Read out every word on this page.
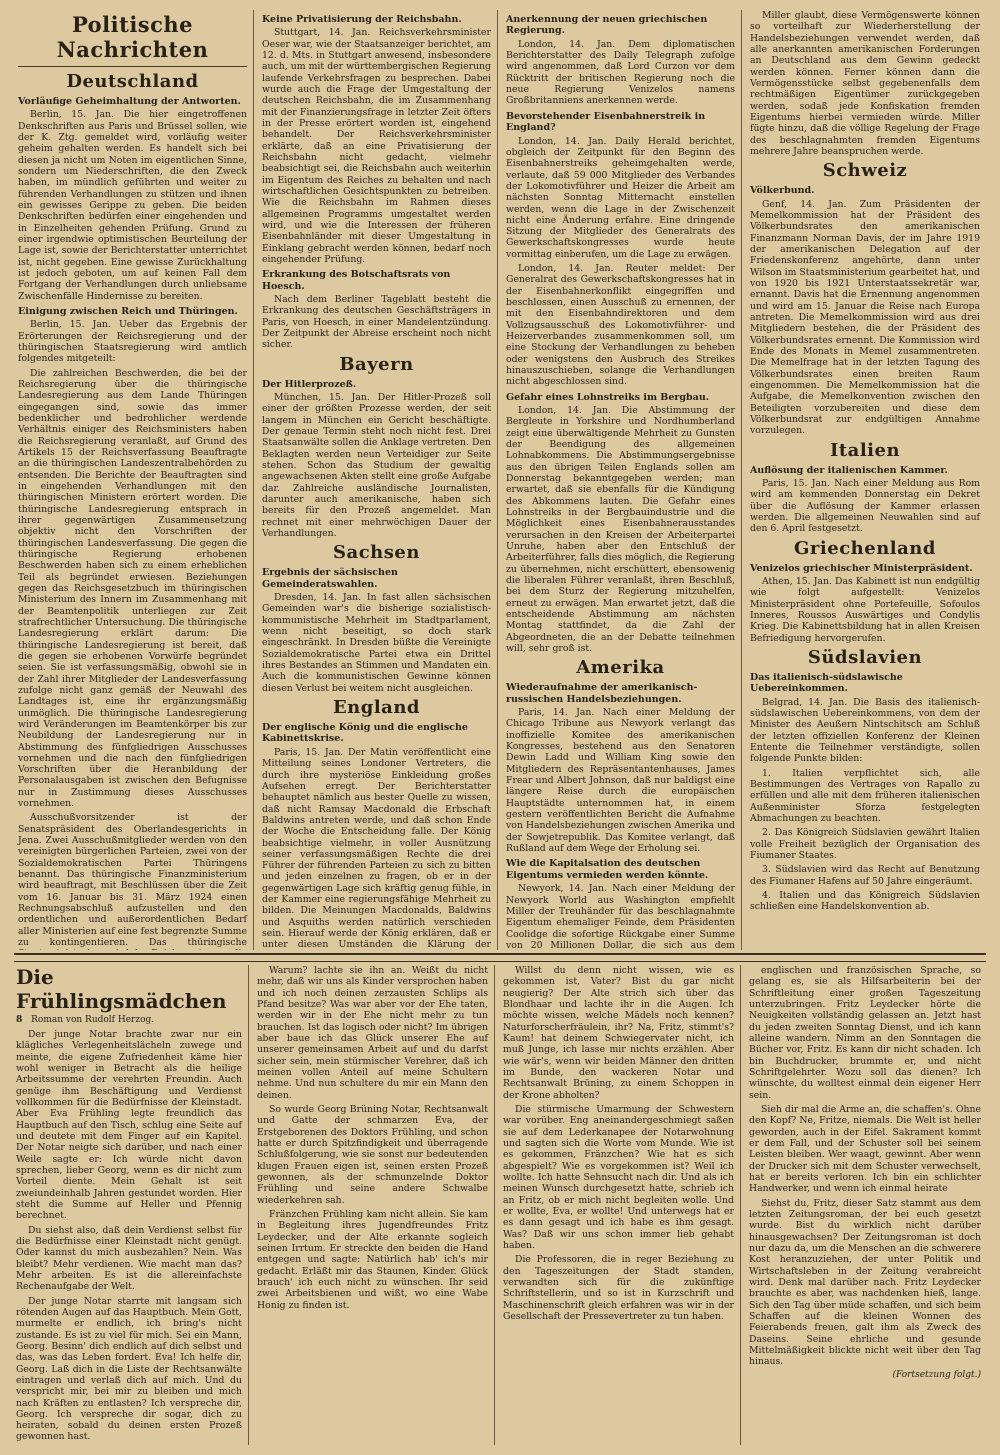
Politische Nachrichten
Deutschland
Vorläufige Geheimhaltung der Antworten.

Berlin, 15. Jan. Die hier eingetroffenen Denkschriften aus Paris und Brüssel sollen, wie der K. Ztg. gemeldet wird, vorläufig weiter geheim gehalten werden. Es handelt sich bei diesen ja nicht um Noten im eigentlichen Sinne, sondern um Niederschriften, die den Zweck haben, im mündlich geführten und weiter zu führenden Verhandlungen zu stützen und ihnen ein gewisses Gerippe zu geben. Die beiden Denkschriften bedürfen einer eingehenden und in Einzelheiten gehenden Prüfung. Grund zu einer irgendwie optimistischen Beurteilung der Lage ist, sowie der Berichterstatter unterrichtet ist, nicht gegeben. Eine gewisse Zurückhaltung ist jedoch geboten, um auf keinen Fall dem Fortgang der Verhandlungen durch unliebsame Zwischenfälle Hindernisse zu bereiten.

Einigung zwischen Reich und Thüringen.

Berlin, 15. Jan. Ueber das Ergebnis der Erörterungen der Reichsregierung und der thüringischen Staatsregierung wird amtlich folgendes mitgeteilt:

Die zahlreichen Beschwerden, die bei der Reichsregierung über die thüringische Landesregierung aus dem Lande Thüringen eingegangen sind, sowie das immer bedenklicher und bedrohlicher werdende Verhältnis einiger des Reichsministers haben die Reichsregierung veranlaßt, auf Grund des Artikels 15 der Reichsverfassung Beauftragte an die thüringischen Landeszentralbehörden zu entsenden. Die Berichte der Beauftragten sind in eingehenden Verhandlungen mit den thüringischen Ministern erörtert worden. Die thüringische Landesregierung entsprach in ihrer gegenwärtigen Zusammensetzung objektiv nicht den Vorschriften der thüringischen Landesverfassung. Die gegen die thüringische Regierung erhobenen Beschwerden haben sich zu einem erheblichen Teil als begründet erwiesen. Beziehungen gegen das Reichsgesetzbuch im thüringischen Ministerium des Innern im Zusammenhang mit der Beamtenpolitik unterliegen zur Zeit strafrechtlicher Untersuchung. Die thüringische Landesregierung erklärt darum: Die thüringische Landesregierung ist bereit, daß die gegen sie erhobenen Vorwürfe begründet seien. Sie ist verfassungsmäßig, obwohl sie in der Zahl ihrer Mitglieder der Landesverfassung zufolge nicht ganz gemäß der Neuwahl des Landtages ist, eine ihr ergänzungsmäßig unmöglich. Die thüringische Landesregierung wird Veränderungen im Beamtenkörper bis zur Neubildung der Landesregierung nur in Abstimmung des fünfgliedrigen Ausschusses vornehmen und die nach den fünfgliedrigen Vorschriften über die Heranbildung der Personalausgaben ist zwischen den Befugnisse nur in Zustimmung dieses Ausschusses vornehmen.

Ausschußvorsitzender ist der Senatspräsident des Oberlandesgerichts in Jena. Zwei Ausschußmitglieder werden von den vereinigten bürgerlichen Parteien, zwei von der Sozialdemokratischen Partei Thüringens benannt. Das thüringische Finanzministerium wird beauftragt, mit Beschlüssen über die Zeit vom 16. Januar bis 31. März 1924 einen Rechnungsabschluß aufzustellen und den ordentlichen und außerordentlichen Bedarf aller Ministerien auf eine fest begrenzte Summe zu kontingentieren. Das thüringische

Keine Privatisierung der Reichsbahn.

Stuttgart, 14. Jan. Reichsverkehrsminister Oeser war, wie der Staatsanzeiger berichtet, am 12. d. Mts. in Stuttgart anwesend, insbesondere auch, um mit der württembergischen Regierung laufende Verkehrsfragen zu besprechen. Dabei wurde auch die Frage der Umgestaltung der deutschen Reichsbahn, die im Zusammenhang mit der Finanzierungsfrage in letzter Zeit öfters in der Presse erörtert worden ist, eingehend behandelt. Der Reichsverkehrsminister erklärte, daß an eine Privatisierung der Reichsbahn nicht gedacht, vielmehr beabsichtigt sei, die Reichsbahn auch weiterhin im Eigentum des Reiches zu behalten und nach wirtschaftlichen Gesichtspunkten zu betreiben. Wie die Reichsbahn im Rahmen dieses allgemeinen Programms umgestaltet werden wird, und wie die Interessen der früheren Eisenbahnländer mit dieser Umgestaltung in Einklang gebracht werden können, bedarf noch eingehender Prüfung.

Erkrankung des Botschaftsrats von Hoesch.

Nach dem Berliner Tageblatt besteht die Erkrankung des deutschen Geschäftsträgers in Paris, von Hoesch, in einer Mandelentzündung. Der Zeitpunkt der Abreise erscheint noch nicht sicher.

Bayern
Der Hitlerprozeß.

München, 15. Jan. Der Hitler-Prozeß soll einer der größten Prozesse werden, der seit langem in München ein Gericht beschäftigte. Der genaue Termin steht noch nicht fest. Drei Staatsanwälte sollen die Anklage vertreten. Den Beklagten werden neun Verteidiger zur Seite stehen. Schon das Studium der gewaltig angewachsenen Akten stellt eine große Aufgabe dar. Zahlreiche ausländische Journalisten, darunter auch amerikanische, haben sich bereits für den Prozeß angemeldet. Man rechnet mit einer mehrwöchigen Dauer der Verhandlungen.

Sachsen
Ergebnis der sächsischen Gemeinderatswahlen.

Dresden, 14. Jan. In fast allen sächsischen Gemeinden war's die bisherige sozialistisch-kommunistische Mehrheit im Stadtparlament, wenn nicht beseitigt, so doch stark eingeschränkt. In Dresden büßte die Vereinigte Sozialdemokratische Partei etwa ein Drittel ihres Bestandes an Stimmen und Mandaten ein. Auch die kommunistischen Gewinne können diesen Verlust bei weitem nicht ausgleichen.

England
Der englische König und die englische Kabinettskrise.

Paris, 15. Jan. Der Matin veröffentlicht eine Mitteilung seines Londoner Vertreters, die durch ihre mysteriöse Einkleidung großes Aufsehen erregt. Der Berichterstatter behauptet nämlich aus bester Quelle zu wissen, daß nicht Ramsay Macdonald die Erbschaft Baldwins antreten werde, und daß schon Ende der Woche die Entscheidung falle. Der König beabsichtige vielmehr, in voller Ausnützung seiner verfassungsmäßigen Rechte die drei Führer der führenden Parteien zu sich zu bitten und jeden einzelnen zu fragen, ob er in der gegenwärtigen Lage sich kräftig genug fühle, in der Kammer eine regierungsfähige Mehrheit zu bilden. Die Meinungen Macdonalds, Baldwins und Asquiths werden natürlich verschieden sein. Hierauf werde der König erklären, daß er unter diesen Umständen die Klärung der

Anerkennung der neuen griechischen Regierung.

London, 14. Jan. Dem diplomatischen Berichterstatter des Daily Telegraph zufolge wird angenommen, daß Lord Curzon vor dem Rücktritt der britischen Regierung noch die neue Regierung Venizelos namens Großbritanniens anerkennen werde.

Bevorstehender Eisenbahnerstreik in England?

London, 14. Jan. Daily Herald berichtet, obgleich der Zeitpunkt für den Beginn des Eisenbahnerstreiks geheimgehalten werde, verlaute, daß 59 000 Mitglieder des Verbandes der Lokomotivführer und Heizer die Arbeit am nächsten Sonntag Mitternacht einstellen werden, wenn die Lage in der Zwischenzeit nicht eine Änderung erfahre. Eine dringende Sitzung der Mitglieder des Generalrats des Gewerkschaftskongresses wurde heute vormittag einberufen, um die Lage zu erwägen.

London, 14. Jan. Reuter meldet: Der Generalrat des Gewerkschaftskongresses hat in der Eisenbahnerkonflikt eingegriffen und beschlossen, einen Ausschuß zu ernennen, der mit den Eisenbahndirektoren und dem Vollzugsausschuß des Lokomotivführer- und Heizerverbandes zusammenkommen soll, um eine Stockung der Verhandlungen zu beheben oder wenigstens den Ausbruch des Streikes hinauszuschieben, solange die Verhandlungen nicht abgeschlossen sind.

Gefahr eines Lohnstreiks im Bergbau.

London, 14. Jan. Die Abstimmung der Bergleute in Yorkshire und Nordhumberland zeigt eine überwältigende Mehrheit zu Gunsten der Beendigung des allgemeinen Lohnabkommens. Die Abstimmungsergebnisse aus den übrigen Teilen Englands sollen am Donnerstag bekanntgegeben werden; man erwartet, daß sie ebenfalls für die Kündigung des Abkommens lauten. Die Gefahr eines Lohnstreiks in der Bergbauindustrie und die Möglichkeit eines Eisenbahnerausstandes verursachen in den Kreisen der Arbeiterpartei Unruhe, haben aber den Entschluß der Arbeiterführer, falls dies möglich, die Regierung zu übernehmen, nicht erschüttert, ebensowenig die liberalen Führer veranlaßt, ihren Beschluß, bei dem Sturz der Regierung mitzuhelfen, erneut zu erwägen. Man erwartet jetzt, daß die entscheidende Abstimmung am nächsten Montag stattfindet, da die Zahl der Abgeordneten, die an der Debatte teilnehmen will, sehr groß ist.

Amerika
Wiederaufnahme der amerikanisch-russischen Handelsbeziehungen.

Paris, 14. Jan. Nach einer Meldung der Chicago Tribune aus Newyork verlangt das inoffizielle Komitee des amerikanischen Kongresses, bestehend aus den Senatoren Dewin Ladd und William King sowie den Mitgliedern des Repräsentantenhauses, James Frear und Albert Johnson, daß nur baldigst eine längere Reise durch die europäischen Hauptstädte unternommen hat, in einem gestern veröffentlichten Bericht die Aufnahme von Handelsbeziehungen zwischen Amerika und der Sowjetrepublik. Das Komitee verlangt, daß Rußland auf dem Wege der Erholung sei.

Wie die Kapitalsation des deutschen Eigentums vermieden werden könnte.

Newyork, 14. Jan. Nach einer Meldung der Newyork World aus Washington empfiehlt Miller der Treuhänder für das beschlagnahmte Eigentum ehemaliger Feinde, dem Präsidenten Coolidge die sofortige Rückgabe einer Summe von 20 Millionen Dollar, die sich aus dem

Miller glaubt, diese Vermögenswerte können so vorteilhaft zur Wiederherstellung der Handelsbeziehungen verwendet werden, daß alle anerkannten amerikanischen Forderungen an Deutschland aus dem Gewinn gedeckt werden können. Ferner können dann die Vermögensstücke selbst gegebenenfalls dem rechtmäßigen Eigentümer zurückgegeben werden, sodaß jede Konfiskation fremden Eigentums hierbei vermieden würde. Miller fügte hinzu, daß die völlige Regelung der Frage des beschlagnahmten fremden Eigentums mehrere Jahre beanspruchen werde.

Schweiz
Völkerbund.

Genf, 14. Jan. Zum Präsidenten der Memelkommission hat der Präsident des Völkerbundsrates den amerikanischen Finanzmann Norman Davis, der im Jahre 1919 der amerikanischen Delegation auf der Friedenskonferenz angehörte, dann unter Wilson im Staatsministerium gearbeitet hat, und von 1920 bis 1921 Unterstaatssekretär war, ernannt. Davis hat die Ernennung angenommen und wird am 15. Januar die Reise nach Europa antreten. Die Memelkommission wird aus drei Mitgliedern bestehen, die der Präsident des Völkerbundsrates ernennt. Die Kommission wird Ende des Monats in Memel zusammentreten. Die Memelfrage hat in der letzten Tagung des Völkerbundsrates einen breiten Raum eingenommen. Die Memelkommission hat die Aufgabe, die Memelkonvention zwischen den Beteiligten vorzubereiten und diese dem Völkerbundsrat zur endgültigen Annahme vorzulegen.

Italien
Auflösung der italienischen Kammer.

Paris, 15. Jan. Nach einer Meldung aus Rom wird am kommenden Donnerstag ein Dekret über die Auflösung der Kammer erlassen werden. Die allgemeinen Neuwahlen sind auf den 6. April festgesetzt.

Griechenland
Venizelos griechischer Ministerpräsident.

Athen, 15. Jan. Das Kabinett ist nun endgültig wie folgt aufgestellt: Venizelos Ministerpräsident ohne Portefeuille, Sofoulos Inneres, Roussos Auswärtiges und Condylis Krieg. Die Kabinettsbildung hat in allen Kreisen Befriedigung hervorgerufen.

Südslavien
Das italienisch-südslawische Uebereinkommen.

Belgrad, 14. Jan. Die Basis des italienisch-südslawischen Uebereinkommens, von dem der Minister des Aeußern Nintschitsch am Schluß der letzten offiziellen Konferenz der Kleinen Entente die Teilnehmer verständigte, sollen folgende Punkte bilden:

1. Italien verpflichtet sich, alle Bestimmungen des Vertrages von Rapallo zu erfüllen und alle mit dem früheren italienischen Außenminister Sforza festgelegten Abmachungen zu beachten.

2. Das Königreich Südslavien gewährt Italien volle Freiheit bezüglich der Organisation des Fiumaner Staates.

3. Südslavien wird das Recht auf Benutzung des Fiumaner Hafens auf 50 Jahre eingeräumt.

4. Italien und das Königreich Südslavien schließen eine Handelskonvention ab.

Die Frühlingsmädchen
8 Roman von Rudolf Herzog.

Der junge Notar brachte zwar nur ein klägliches Verlegenheitslächeln zuwege und meinte, die eigene Zufriedenheit käme hier wohl weniger in Betracht als die heilige Arbeitssumme der verehrten Freundin. Auch genüge ihm Beschäftigung und Verdienst vollkommen für die Bedürfnisse der Kleinstadt. Aber Eva Frühling legte freundlich das Hauptbuch auf den Tisch, schlug eine Seite auf und deutete mit dem Finger auf ein Kapitel. Der Notar neigte sich darüber, und nach einer Weile sagte er: Ich würde nicht davon sprechen, lieber Georg, wenn es dir nicht zum Vorteil diente. Mein Gehalt ist seit zweiundeinhalb Jahren gestundet worden. Hier steht die Summe auf Heller und Pfennig berechnet.

Du siehst also, daß dein Verdienst selbst für die Bedürfnisse einer Kleinstadt nicht genügt. Oder kannst du mich ausbezahlen? Nein. Was bleibt? Mehr verdienen. Wie macht man das? Mehr arbeiten. Es ist die allereinfachste Rechenaufgabe der Welt.

Der junge Notar starrte mit langsam sich rötenden Augen auf das Hauptbuch. Mein Gott, murmelte er endlich, ich bring's nicht zustande. Es ist zu viel für mich. Sei ein Mann, Georg. Besinn' dich endlich auf dich selbst und das, was das Leben fordert. Eva! Ich helfe dir, Georg. Laß dich in die Liste der Rechtsanwälte eintragen und verlaß dich auf mich. Und du verspricht mir, bei mir zu bleiben und mich nach Kräften zu entlasten? Ich verspreche dir, Georg. Ich verspreche dir sogar, dich zu heiraten, sobald du deinen ersten Prozeß gewonnen hast.

Warum? lachte sie ihn an. Weißt du nicht mehr, daß wir uns als Kinder versprochen haben und ich noch deinen zerzausten Schlips als Pfand besitze? Was war aber vor der Ehe taten, werden wir in der Ehe nicht mehr zu tun brauchen. Ist das logisch oder nicht? Im übrigen aber baue ich das Glück unserer Ehe auf unserer gemeinsamen Arbeit auf und du darfst sicher sein, mein stürmischer Verehrer, daß ich meinen vollen Anteil auf meine Schultern nehme. Und nun schultere du mir ein Mann den deinen.

So wurde Georg Brüning Notar, Rechtsanwalt und Gatte der schmarzen Eva, der Erstgeborenen des Doktors Frühling, und schon hatte er durch Spitzfindigkeit und überragende Schlußfolgerung, wie sie sonst nur bedeutenden klugen Frauen eigen ist, seinen ersten Prozeß gewonnen, als der schmunzelnde Doktor Frühling und seine andere Schwalbe wiederkehren sah.

Fränzchen Frühling kam nicht allein. Sie kam in Begleitung ihres Jugendfreundes Fritz Leydecker, und der Alte erkannte sogleich seinen Irrtum. Er streckte den beiden die Hand entgegen und sagte: Natürlich hab' ich's mir gedacht. Erläßt mir das Staunen, Kinder. Glück brauch' ich euch nicht zu wünschen. Ihr seid zwei Arbeitsbienen und wißt, wo eine Wabe Honig zu finden ist.

Willst du denn nicht wissen, wie es gekommen ist, Vater? Bist du gar nicht neugierig? Der Alte strich sich über das Blondhaar und lachte ihr in die Augen. Ich möchte wissen, welche Mädels noch kennen? Naturforscherfräulein, ihr? Na, Fritz, stimmt's? Kaum! hat deinem Schwiegervater nicht, ich muß Junge, ich lasse mir nichts erzählen. Aber wie wär's, wenn wir beiden Männer den dritten im Bunde, den wackeren Notar und Rechtsanwalt Brüning, zu einem Schoppen in der Krone abholten?

Die stürmische Umarmung der Schwestern war vorüber. Eng aneinandergeschmiegt saßen sie auf dem Lederkanapee der Notarwohnung und sagten sich die Worte vom Munde. Wie ist es gekommen, Fränzchen? Wie hat es sich abgespielt? Wie es vorgekommen ist? Weil ich wollte. Ich hatte Sehnsucht nach dir. Und als ich meinen Wunsch durchgesetzt hatte, schrieb ich an Fritz, ob er mich nicht begleiten wolle. Und er wollte, Eva, er wollte! Und unterwegs hat er es dann gesagt und ich habe es ihm gesagt. Was? Daß wir uns schon immer lieb gehabt haben.

Die Professoren, die in reger Beziehung zu den Tageszeitungen der Stadt standen, verwandten sich für die zukünftige Schriftstellerin, und so ist in Kurzschrift und Maschinenschrift gleich erfahren was wir in der Gesellschaft der Pressevertreter zu tun haben.

englischen und französischen Sprache, so gelang es, sie als Hilfsarbeiterin bei der Schriftleitung einer großen Tageszeitung unterzubringen. Fritz Leydecker hörte die Neuigkeiten vollständig gelassen an. Jetzt hast du jeden zweiten Sonntag Dienst, und ich kann alleine wandern. Nimm an den Sonntagen die Bücher vor, Fritz. Es kann dir nicht schaden. Ich bin Buchdrucker, brummte er, und nicht Schriftgelehrter. Wozu soll das dienen? Ich wünschte, du wolltest einmal dein eigener Herr sein.

Sieh dir mal die Arme an, die schaffen's. Ohne den Kopf? Ne, Fritze, niemals. Die Welt ist heller geworden, auch in der Eifel. Sakrament kommt er dem Fall, und der Schuster soll bei seinem Leisten bleiben. Wer waagt, gewinnt. Aber wenn der Drucker sich mit dem Schuster verwechselt, hat er bereits verloren. Ich bin ein schlichter Handwerker, und wenn ich einmal heirate

Siehst du, Fritz, dieser Satz stammt aus dem letzten Zeitungsroman, der bei euch gesetzt wurde. Bist du wirklich nicht darüber hinausgewachsen? Der Zeitungsroman ist doch nur dazu da, um die Menschen an die schwerere Kost heranzuziehen, der unter Politik und Wirtschaftsleben in der Zeitung verabreicht wird. Denk mal darüber nach. Fritz Leydecker brauchte es aber, was nachdenken hieß, lange. Sich den Tag über müde schaffen, und sich beim Schaffen auf die kleinen Wonnen des Feierabends freuen, galt ihm als Zweck des Daseins. Seine ehrliche und gesunde Mittelmäßigkeit blickte nicht weit über den Tag hinaus.

(Fortsetzung folgt.)
